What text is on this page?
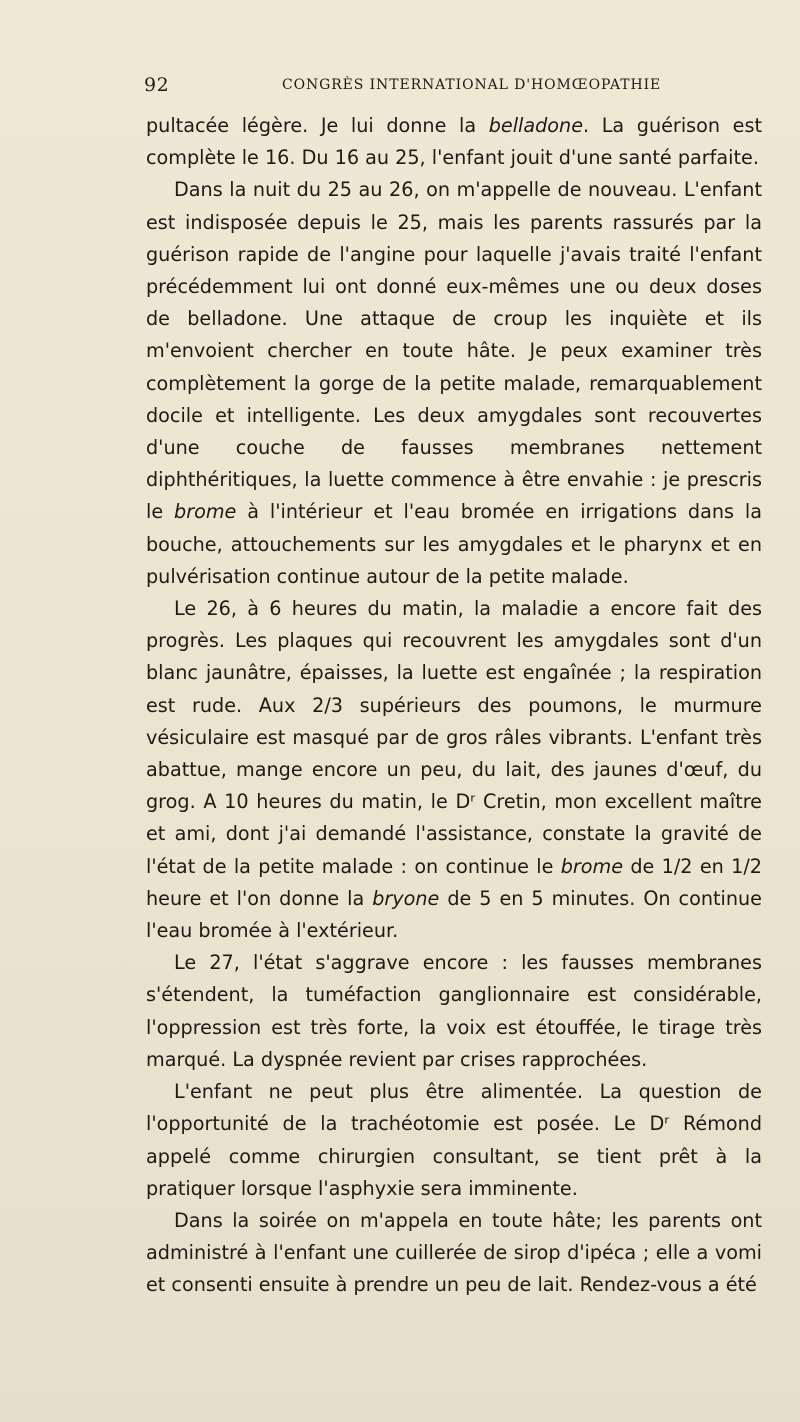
92	CONGRÈS INTERNATIONAL D'HOMŒOPATHIE

pultacée légère. Je lui donne la belladone. La guérison est complète le 16. Du 16 au 25, l'enfant jouit d'une santé parfaite.

Dans la nuit du 25 au 26, on m'appelle de nouveau. L'enfant est indisposée depuis le 25, mais les parents rassurés par la guérison rapide de l'angine pour laquelle j'avais traité l'enfant précédemment lui ont donné eux-mêmes une ou deux doses de belladone. Une attaque de croup les inquiète et ils m'envoient chercher en toute hâte. Je peux examiner très complètement la gorge de la petite malade, remarquablement docile et intelligente. Les deux amygdales sont recouvertes d'une couche de fausses membranes nettement diphthéritiques, la luette commence à être envahie : je prescris le brome à l'intérieur et l'eau bromée en irrigations dans la bouche, attouchements sur les amygdales et le pharynx et en pulvérisation continue autour de la petite malade.

Le 26, à 6 heures du matin, la maladie a encore fait des progrès. Les plaques qui recouvrent les amygdales sont d'un blanc jaunâtre, épaisses, la luette est engaînée ; la respiration est rude. Aux 2/3 supérieurs des poumons, le murmure vésiculaire est masqué par de gros râles vibrants. L'enfant très abattue, mange encore un peu, du lait, des jaunes d'œuf, du grog. A 10 heures du matin, le Dʳ Cretin, mon excellent maître et ami, dont j'ai demandé l'assistance, constate la gravité de l'état de la petite malade : on continue le brome de 1/2 en 1/2 heure et l'on donne la bryone de 5 en 5 minutes. On continue l'eau bromée à l'extérieur.

Le 27, l'état s'aggrave encore : les fausses membranes s'étendent, la tuméfaction ganglionnaire est considérable, l'oppression est très forte, la voix est étouffée, le tirage très marqué. La dyspnée revient par crises rapprochées.

L'enfant ne peut plus être alimentée. La question de l'opportunité de la trachéotomie est posée. Le Dʳ Rémond appelé comme chirurgien consultant, se tient prêt à la pratiquer lorsque l'asphyxie sera imminente.

Dans la soirée on m'appela en toute hâte; les parents ont administré à l'enfant une cuillerée de sirop d'ipéca ; elle a vomi et consenti ensuite à prendre un peu de lait. Rendez-vous a été
